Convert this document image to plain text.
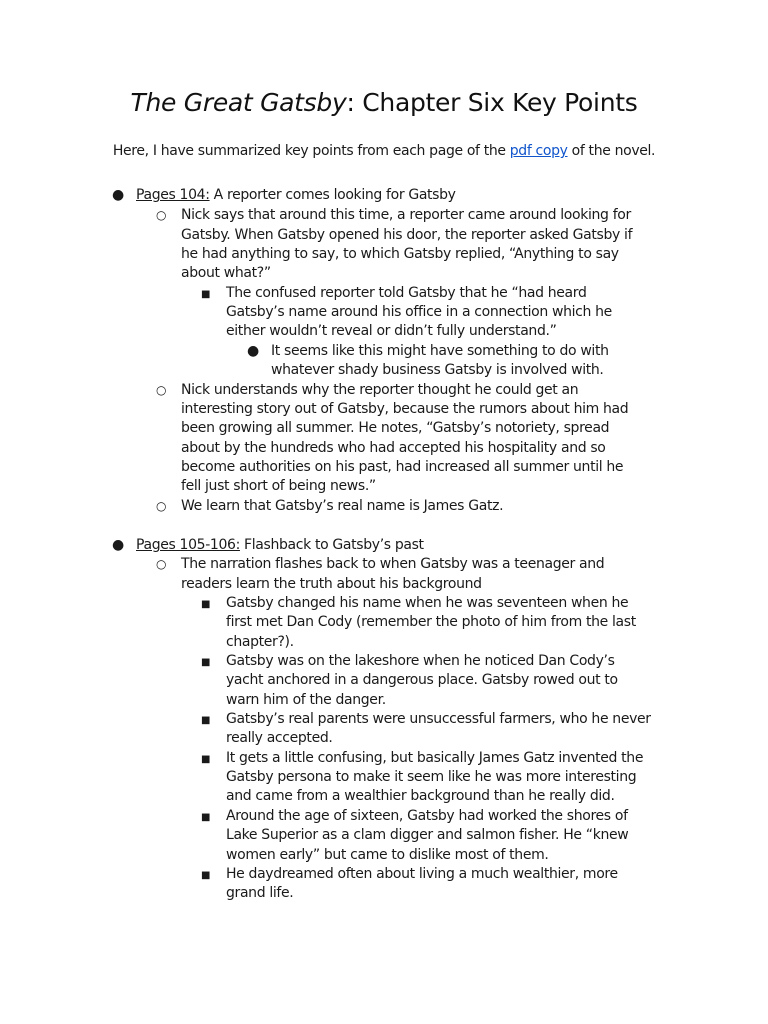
The Great Gatsby: Chapter Six Key Points
Here, I have summarized key points from each page of the pdf copy of the novel.
● Pages 104: A reporter comes looking for Gatsby
○ Nick says that around this time, a reporter came around looking for
Gatsby. When Gatsby opened his door, the reporter asked Gatsby if
he had anything to say, to which Gatsby replied, “Anything to say
about what?”
■ The confused reporter told Gatsby that he “had heard
Gatsby’s name around his office in a connection which he
either wouldn’t reveal or didn’t fully understand.”
● It seems like this might have something to do with
whatever shady business Gatsby is involved with.
○ Nick understands why the reporter thought he could get an
interesting story out of Gatsby, because the rumors about him had
been growing all summer. He notes, “Gatsby’s notoriety, spread
about by the hundreds who had accepted his hospitality and so
become authorities on his past, had increased all summer until he
fell just short of being news.”
○ We learn that Gatsby’s real name is James Gatz.
● Pages 105-106: Flashback to Gatsby’s past
○ The narration flashes back to when Gatsby was a teenager and
readers learn the truth about his background
■ Gatsby changed his name when he was seventeen when he
first met Dan Cody (remember the photo of him from the last
chapter?).
■ Gatsby was on the lakeshore when he noticed Dan Cody’s
yacht anchored in a dangerous place. Gatsby rowed out to
warn him of the danger.
■ Gatsby’s real parents were unsuccessful farmers, who he never
really accepted.
■ It gets a little confusing, but basically James Gatz invented the
Gatsby persona to make it seem like he was more interesting
and came from a wealthier background than he really did.
■ Around the age of sixteen, Gatsby had worked the shores of
Lake Superior as a clam digger and salmon fisher. He “knew
women early” but came to dislike most of them.
■ He daydreamed often about living a much wealthier, more
grand life.
